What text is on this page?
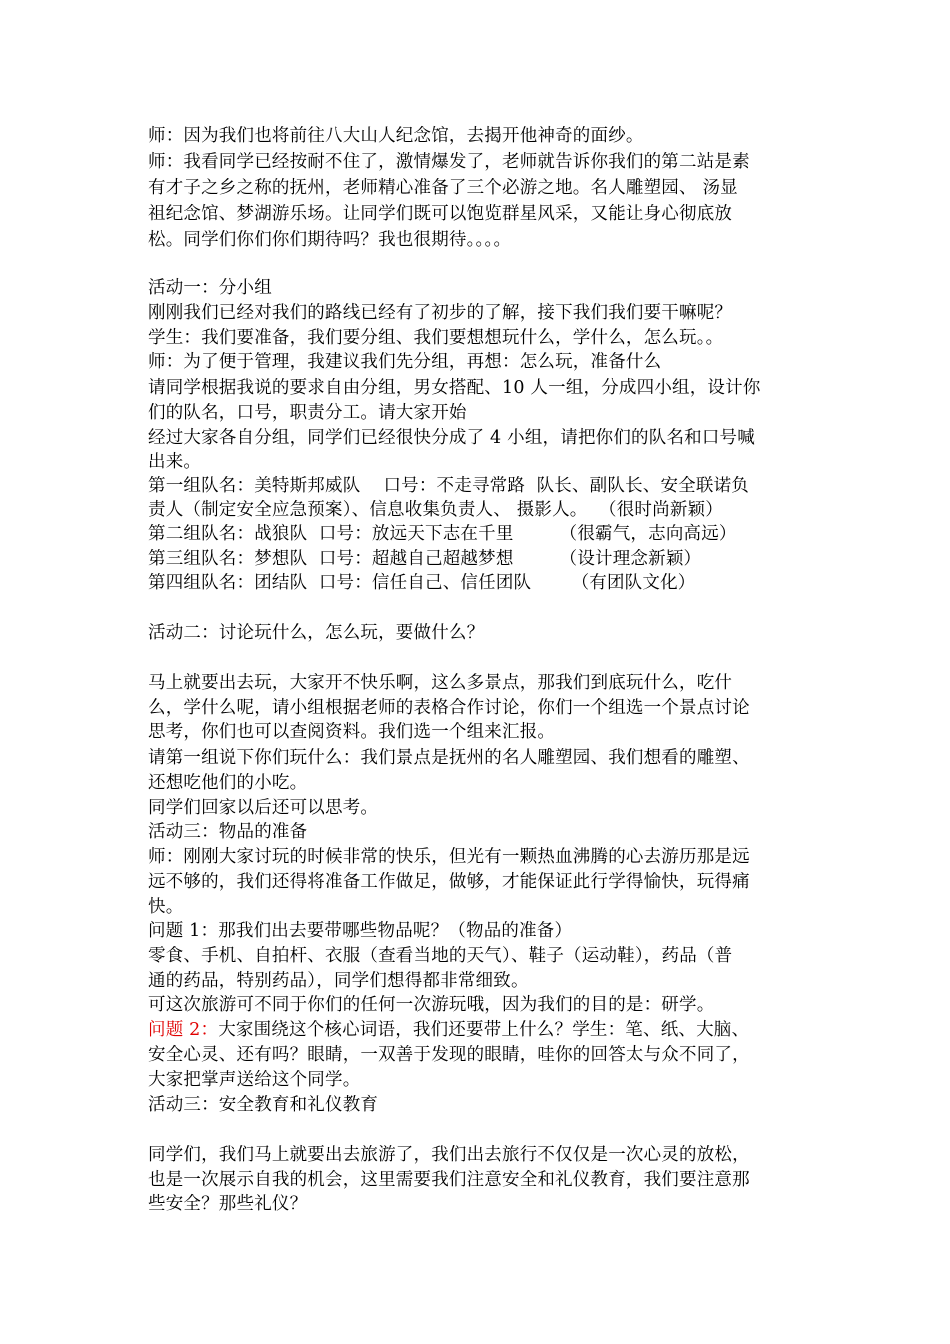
师：因为我们也将前往八大山人纪念馆，去揭开他神奇的面纱。
师：我看同学已经按耐不住了，激情爆发了，老师就告诉你我们的第二站是素
有才子之乡之称的抚州，老师精心准备了三个必游之地。名人雕塑园、 汤显
祖纪念馆、梦湖游乐场。让同学们既可以饱览群星风采，又能让身心彻底放
松。同学们你们你们期待吗？我也很期待。。。。
活动一：分小组
刚刚我们已经对我们的路线已经有了初步的了解，接下我们我们要干嘛呢？
学生：我们要准备，我们要分组、我们要想想玩什么，学什么，怎么玩。。
师：为了便于管理，我建议我们先分组，再想：怎么玩，准备什么
请同学根据我说的要求自由分组，男女搭配、10 人一组，分成四小组，设计你
们的队名，口号，职责分工。请大家开始
经过大家各自分组，同学们已经很快分成了 4 小组，请把你们的队名和口号喊
出来。
第一组队名：美特斯邦威队    口号：不走寻常路  队长、副队长、安全联诺负
责人（制定安全应急预案）、信息收集负责人、 摄影人。  （很时尚新颖）
第二组队名：战狼队  口号：放远天下志在千里        （很霸气，志向高远）
第三组队名：梦想队  口号：超越自己超越梦想        （设计理念新颖）
第四组队名：团结队  口号：信任自己、信任团队       （有团队文化）
活动二：讨论玩什么，怎么玩，要做什么？
马上就要出去玩，大家开不快乐啊，这么多景点，那我们到底玩什么，吃什
么，学什么呢，请小组根据老师的表格合作讨论，你们一个组选一个景点讨论
思考，你们也可以查阅资料。我们选一个组来汇报。
请第一组说下你们玩什么：我们景点是抚州的名人雕塑园、我们想看的雕塑、
还想吃他们的小吃。
同学们回家以后还可以思考。
活动三：物品的准备
师：刚刚大家讨玩的时候非常的快乐，但光有一颗热血沸腾的心去游历那是远
远不够的，我们还得将准备工作做足，做够，才能保证此行学得愉快，玩得痛
快。
问题 1：那我们出去要带哪些物品呢？（物品的准备）
零食、手机、自拍杆、衣服（查看当地的天气）、鞋子（运动鞋），药品（普
通的药品，特别药品），同学们想得都非常细致。
可这次旅游可不同于你们的任何一次游玩哦，因为我们的目的是：研学。
问题 2：大家围绕这个核心词语，我们还要带上什么？学生：笔、纸、大脑、
安全心灵、还有吗？眼睛，一双善于发现的眼睛，哇你的回答太与众不同了，
大家把掌声送给这个同学。
活动三：安全教育和礼仪教育
同学们，我们马上就要出去旅游了，我们出去旅行不仅仅是一次心灵的放松，
也是一次展示自我的机会，这里需要我们注意安全和礼仪教育，我们要注意那
些安全？那些礼仪？
